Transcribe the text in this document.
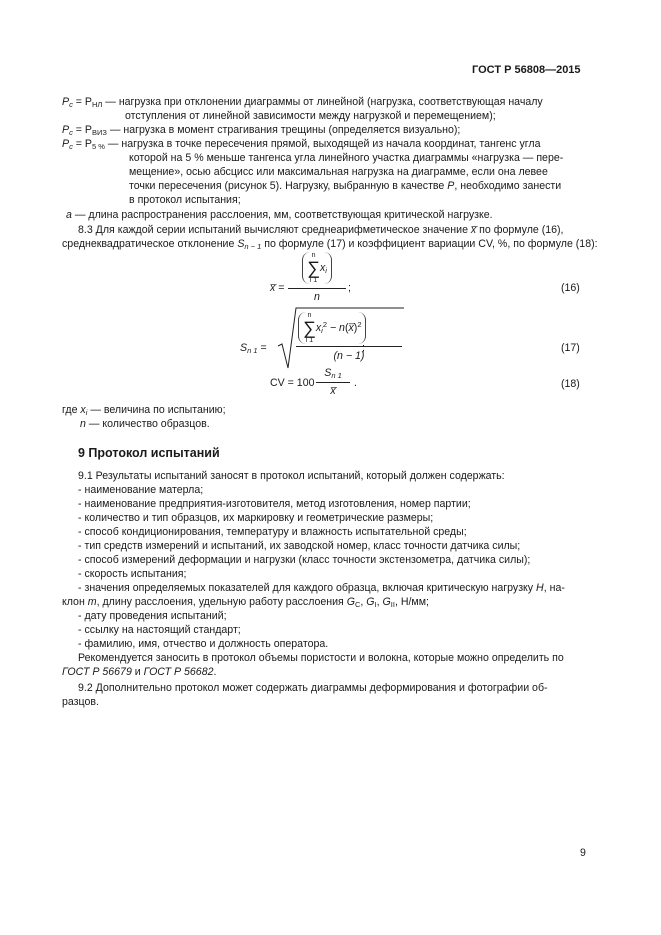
ГОСТ Р 56808—2015
$P_c = P_{НЛ}$ — нагрузка при отклонении диаграммы от линейной (нагрузка, соответствующая началу
отступления от линейной зависимости между нагрузкой и перемещением);
$P_c = P_{ВИЗ}$ — нагрузка в момент страгивания трещины (определяется визуально);
$P_c = P_{5 \%}$ — нагрузка в точке пересечения прямой, выходящей из начала координат, тангенс угла
которой на 5 % меньше тангенса угла линейного участка диаграммы «нагрузка — пере-
мещение», осью абсцисс или максимальная нагрузка на диаграмме, если она левее
точки пересечения (рисунок 5). Нагрузку, выбранную в качестве P, необходимо занести
в протокол испытания;
a — длина распространения расслоения, мм, соответствующая критической нагрузке.
8.3 Для каждой серии испытаний вычисляют среднеарифметическое значение x̅ по формуле (16),
среднеквадратическое отклонение $S_{n - 1}$ по формуле (17) и коэффициент вариации CV, %, по формуле (18):
x̅ =
n
∑
i 1
$x_i$
n
;	(16)
$S_{n 1}$ =
n
∑
i 1
$x_i^2$ − n(x̅)$^2$
(n − 1)
;	(17)
CV = 100
$S_{n 1}$
x̅
.	(18)
где $x_i$ — величина по испытанию;
n — количество образцов.
9 Протокол испытаний
9.1 Результаты испытаний заносят в протокол испытаний, который должен содержать:
- наименование матерла;
- наименование предприятия-изготовителя, метод изготовления, номер партии;
- количество и тип образцов, их маркировку и геометрические размеры;
- способ кондиционирования, температуру и влажность испытательной среды;
- тип средств измерений и испытаний, их заводской номер, класс точности датчика силы;
- способ измерений деформации и нагрузки (класс точности экстензометра, датчика силы);
- скорость испытания;
- значения определяемых показателей для каждого образца, включая критическую нагрузку H, на-
клон m, длину расслоения, удельную работу расслоения $G_C$, $G_I$, $G_{II}$, Н/мм;
- дату проведения испытаний;
- ссылку на настоящий стандарт;
- фамилию, имя, отчество и должность оператора.
Рекомендуется заносить в протокол объемы пористости и волокна, которые можно определить по
ГОСТ Р 56679 и ГОСТ Р 56682.
9.2 Дополнительно протокол может содержать диаграммы деформирования и фотографии об-
разцов.
9
